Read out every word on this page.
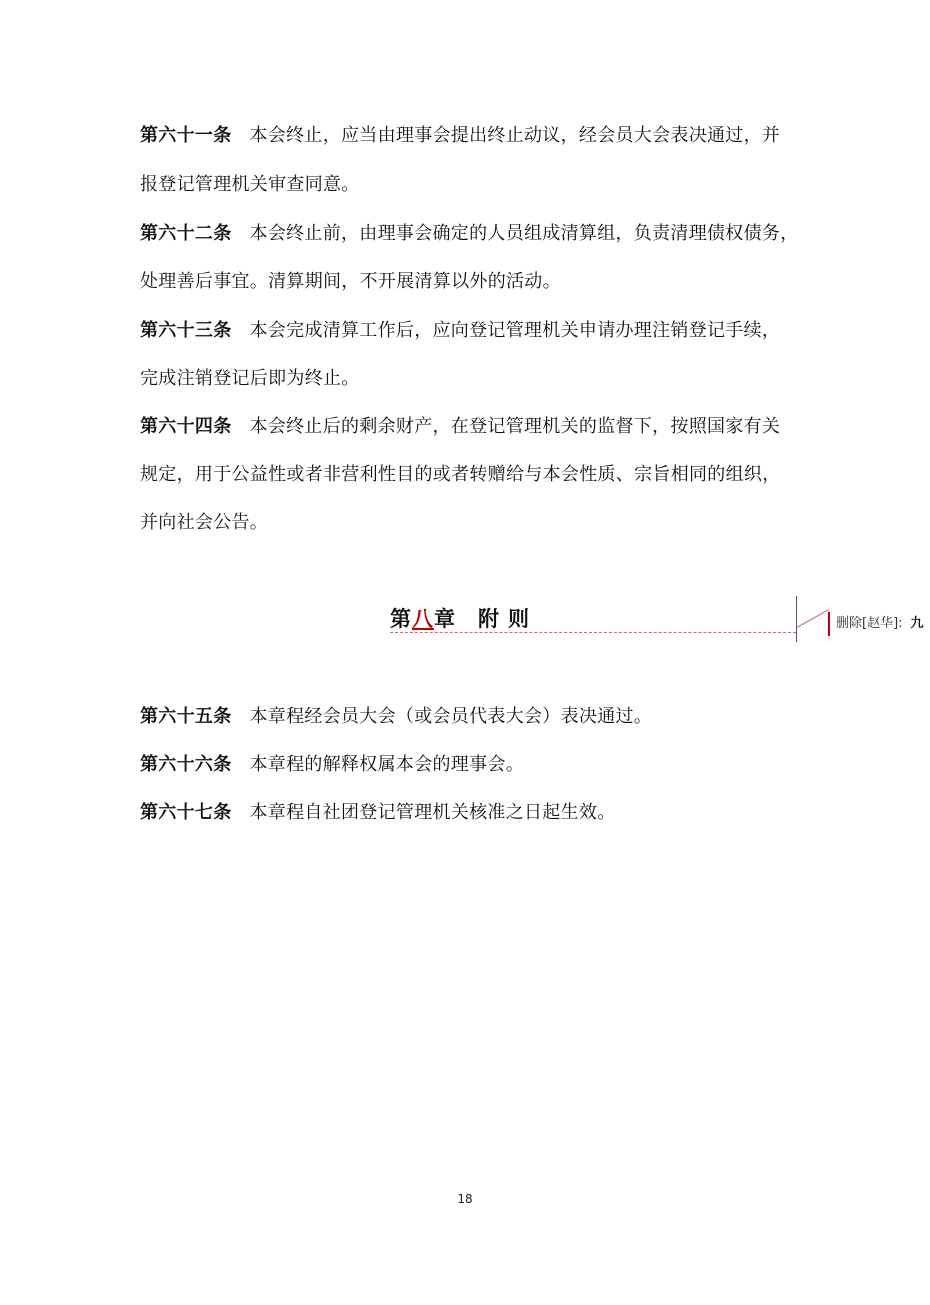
第六十一条 本会终止，应当由理事会提出终止动议，经会员大会表决通过，并
报登记管理机关审查同意。
第六十二条 本会终止前，由理事会确定的人员组成清算组，负责清理债权债务，
处理善后事宜。清算期间，不开展清算以外的活动。
第六十三条 本会完成清算工作后，应向登记管理机关申请办理注销登记手续，
完成注销登记后即为终止。
第六十四条 本会终止后的剩余财产，在登记管理机关的监督下，按照国家有关
规定，用于公益性或者非营利性目的或者转赠给与本会性质、宗旨相同的组织，
并向社会公告。
第八章 附 则	删除[赵华]: 九
第六十五条 本章程经会员大会（或会员代表大会）表决通过。
第六十六条 本章程的解释权属本会的理事会。
第六十七条 本章程自社团登记管理机关核准之日起生效。
18
